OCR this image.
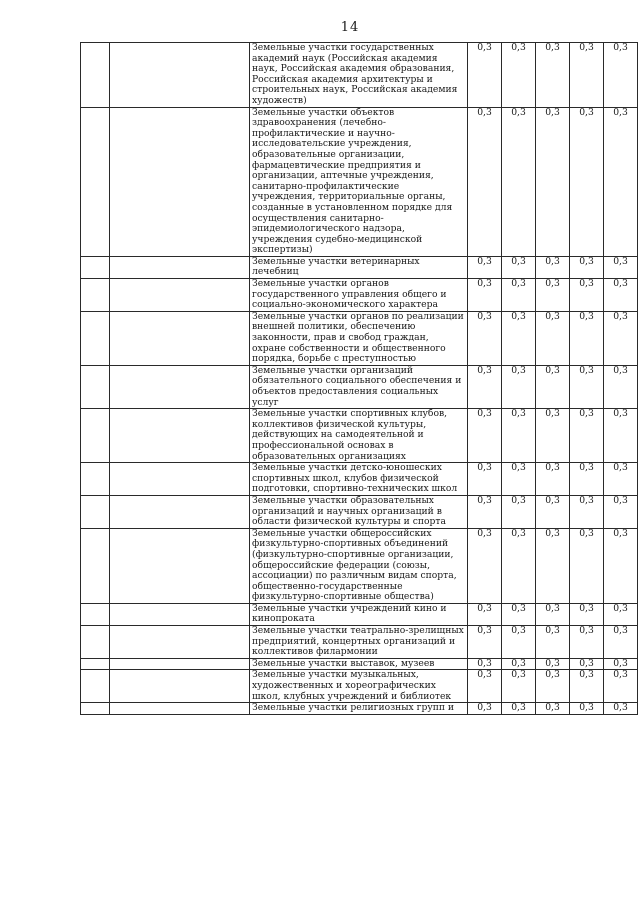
14
		Земельные участки государственных академий наук (Российская академия наук, Российская академия образования, Российская академия архитектуры и строительных наук, Российская академия художеств)	0,3	0,3	0,3	0,3	0,3
		Земельные участки объектов здравоохранения (лечебно-профилактические и научно-исследовательские учреждения, образовательные организации, фармацевтические предприятия и организации, аптечные учреждения, санитарно-профилактические учреждения, территориальные органы, созданные в установленном порядке для осуществления санитарно-эпидемиологического надзора, учреждения судебно-медицинской экспертизы)	0,3	0,3	0,3	0,3	0,3
		Земельные участки ветеринарных лечебниц	0,3	0,3	0,3	0,3	0,3
		Земельные участки органов государственного управления общего и социально-экономического характера	0,3	0,3	0,3	0,3	0,3
		Земельные участки органов по реализации внешней политики, обеспечению законности, прав и свобод граждан, охране собственности и общественного порядка, борьбе с преступностью	0,3	0,3	0,3	0,3	0,3
		Земельные участки организаций обязательного социального обеспечения и объектов предоставления социальных услуг	0,3	0,3	0,3	0,3	0,3
		Земельные участки спортивных клубов, коллективов физической культуры, действующих на самодеятельной и профессиональной основах в образовательных организациях	0,3	0,3	0,3	0,3	0,3
		Земельные участки детско-юношеских спортивных школ, клубов физической подготовки, спортивно-технических школ	0,3	0,3	0,3	0,3	0,3
		Земельные участки образовательных организаций и научных организаций в области физической культуры и спорта	0,3	0,3	0,3	0,3	0,3
		Земельные участки общероссийских физкультурно-спортивных объединений (физкультурно-спортивные организации, общероссийские федерации (союзы, ассоциации) по различным видам спорта, общественно-государственные физкультурно-спортивные общества)	0,3	0,3	0,3	0,3	0,3
		Земельные участки учреждений кино и кинопроката	0,3	0,3	0,3	0,3	0,3
		Земельные участки театрально-зрелищных предприятий, концертных организаций и коллективов филармонии	0,3	0,3	0,3	0,3	0,3
		Земельные участки выставок, музеев	0,3	0,3	0,3	0,3	0,3
		Земельные участки музыкальных, художественных и хореографических школ, клубных учреждений и библиотек	0,3	0,3	0,3	0,3	0,3
		Земельные участки религиозных групп и	0,3	0,3	0,3	0,3	0,3
